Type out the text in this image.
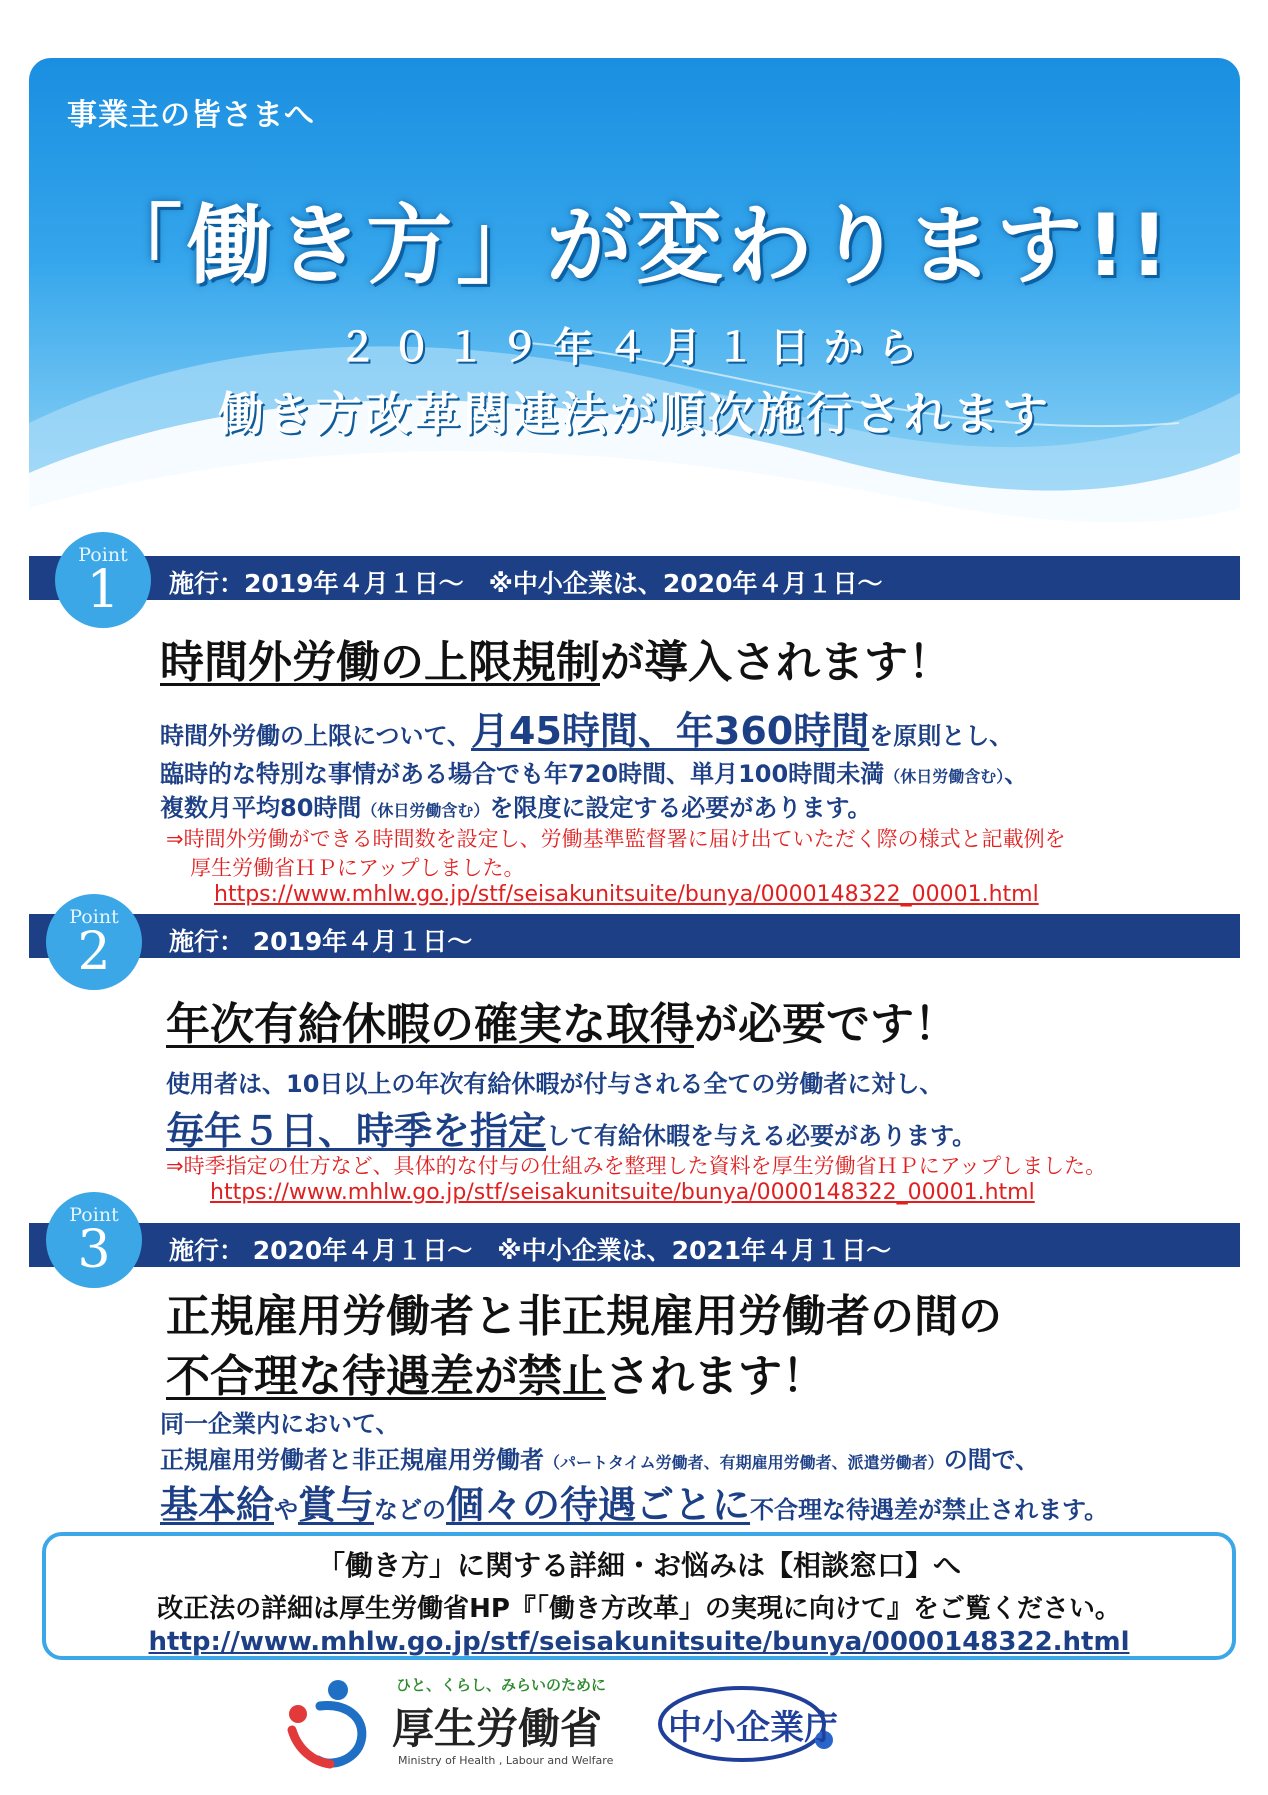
事業主の皆さまへ
「働き方」が変わります!!
２０１９年４月１日から
働き方改革関連法が順次施行されます
施行：2019年４月１日～　※中小企業は、2020年４月１日～
Point
1
時間外労働の上限規制が導入されます！
時間外労働の上限について、月45時間、年360時間を原則とし、
臨時的な特別な事情がある場合でも年720時間、単月100時間未満（休日労働含む）、
複数月平均80時間（休日労働含む）を限度に設定する必要があります。
⇒時間外労働ができる時間数を設定し、労働基準監督署に届け出ていただく際の様式と記載例を
厚生労働省ＨＰにアップしました。
https://www.mhlw.go.jp/stf/seisakunitsuite/bunya/0000148322_00001.html
施行： 2019年４月１日～
Point
2
年次有給休暇の確実な取得が必要です！
使用者は、10日以上の年次有給休暇が付与される全ての労働者に対し、
毎年５日、時季を指定して有給休暇を与える必要があります。
⇒時季指定の仕方など、具体的な付与の仕組みを整理した資料を厚生労働省ＨＰにアップしました。
https://www.mhlw.go.jp/stf/seisakunitsuite/bunya/0000148322_00001.html
施行： 2020年４月１日～　※中小企業は、2021年４月１日～
Point
3
正規雇用労働者と非正規雇用労働者の間の
不合理な待遇差が禁止されます！
同一企業内において、
正規雇用労働者と非正規雇用労働者（パートタイム労働者、有期雇用労働者、派遣労働者）の間で、
基本給や賞与などの個々の待遇ごとに不合理な待遇差が禁止されます。
「働き方」に関する詳細・お悩みは【相談窓口】へ
改正法の詳細は厚生労働省HP『「働き方改革」の実現に向けて』をご覧ください。
http://www.mhlw.go.jp/stf/seisakunitsuite/bunya/0000148322.html
ひと、くらし、みらいのために
厚生労働省
Ministry of Health , Labour and Welfare
中小企業庁
